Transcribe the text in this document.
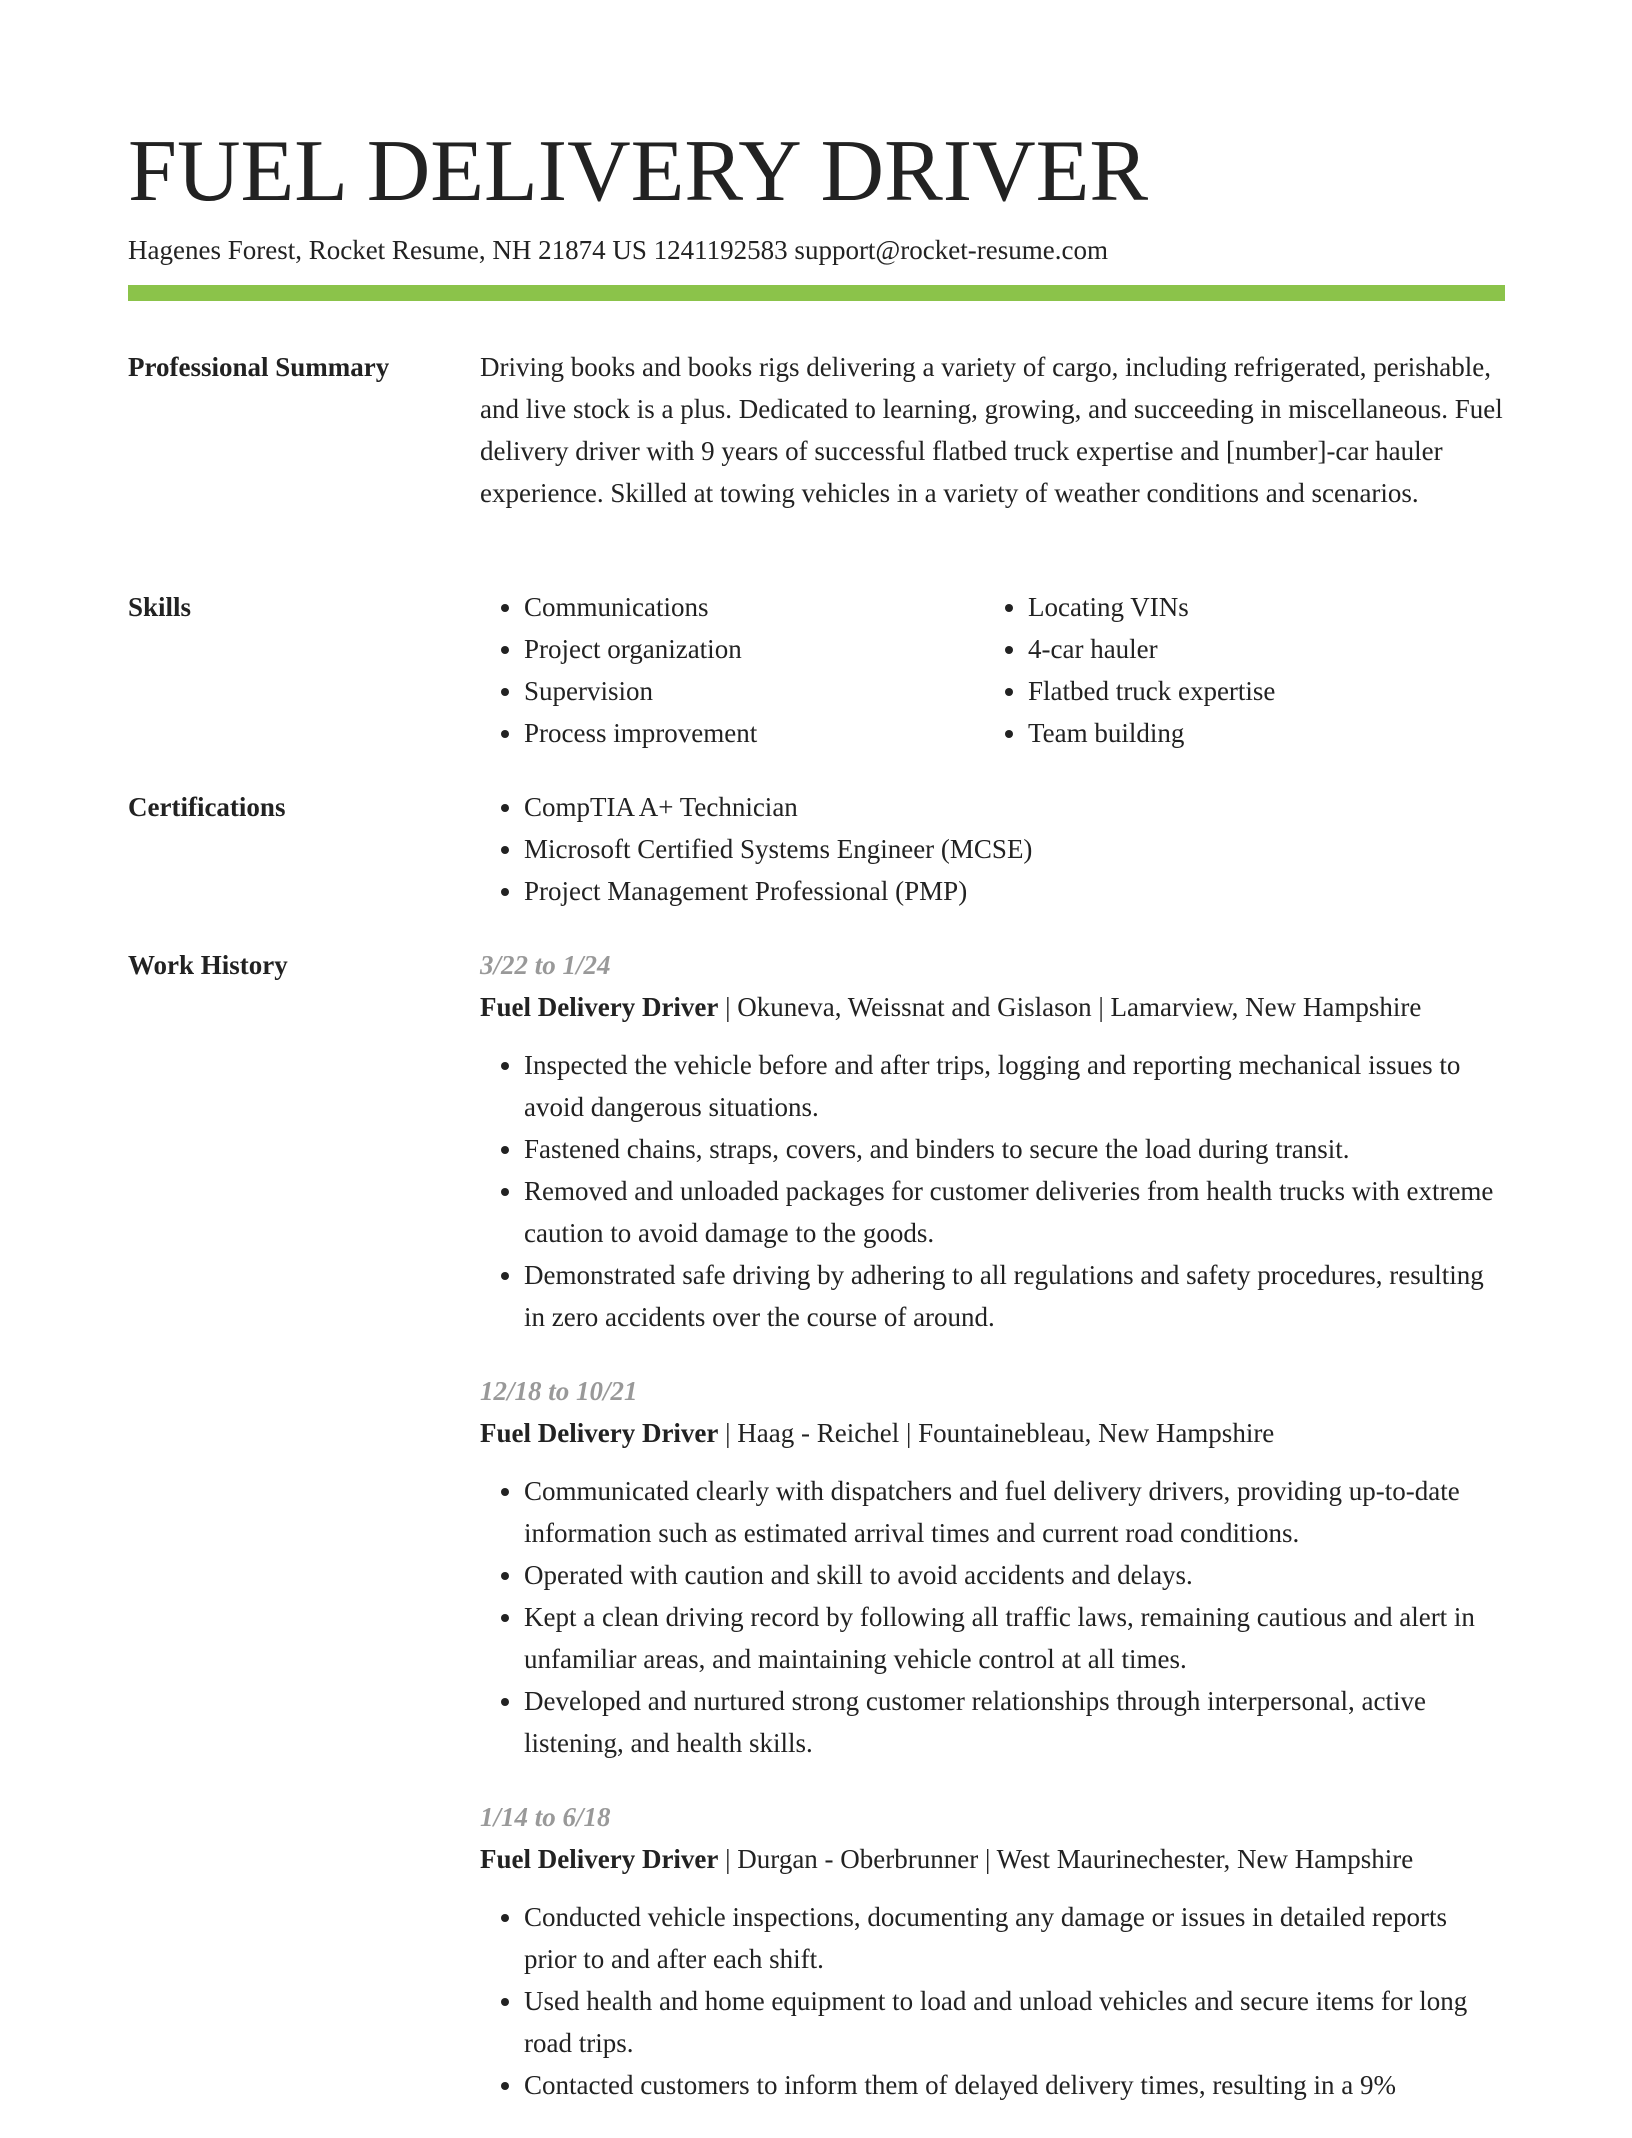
FUEL DELIVERY DRIVER
Hagenes Forest, Rocket Resume, NH 21874 US 1241192583 support@rocket-resume.com
Professional Summary	Driving books and books rigs delivering a variety of cargo, including refrigerated, perishable, and live stock is a plus. Dedicated to learning, growing, and succeeding in miscellaneous. Fuel delivery driver with 9 years of successful flatbed truck expertise and [number]-car hauler experience. Skilled at towing vehicles in a variety of weather conditions and scenarios.

Skills	• Communications
• Project organization
• Supervision
• Process improvement
• Locating VINs
• 4-car hauler
• Flatbed truck expertise
• Team building
Certifications	• CompTIA A+ Technician
• Microsoft Certified Systems Engineer (MCSE)
• Project Management Professional (PMP)
Work History	3/22 to 1/24
Fuel Delivery Driver | Okuneva, Weissnat and Gislason | Lamarview, New Hampshire
• Inspected the vehicle before and after trips, logging and reporting mechanical issues to avoid dangerous situations.
• Fastened chains, straps, covers, and binders to secure the load during transit.
• Removed and unloaded packages for customer deliveries from health trucks with extreme caution to avoid damage to the goods.
• Demonstrated safe driving by adhering to all regulations and safety procedures, resulting in zero accidents over the course of around.
12/18 to 10/21
Fuel Delivery Driver | Haag - Reichel | Fountainebleau, New Hampshire
• Communicated clearly with dispatchers and fuel delivery drivers, providing up-to-date information such as estimated arrival times and current road conditions.
• Operated with caution and skill to avoid accidents and delays.
• Kept a clean driving record by following all traffic laws, remaining cautious and alert in unfamiliar areas, and maintaining vehicle control at all times.
• Developed and nurtured strong customer relationships through interpersonal, active listening, and health skills.
1/14 to 6/18
Fuel Delivery Driver | Durgan - Oberbrunner | West Maurinechester, New Hampshire
• Conducted vehicle inspections, documenting any damage or issues in detailed reports prior to and after each shift.
• Used health and home equipment to load and unload vehicles and secure items for long road trips.
• Contacted customers to inform them of delayed delivery times, resulting in a 9%
